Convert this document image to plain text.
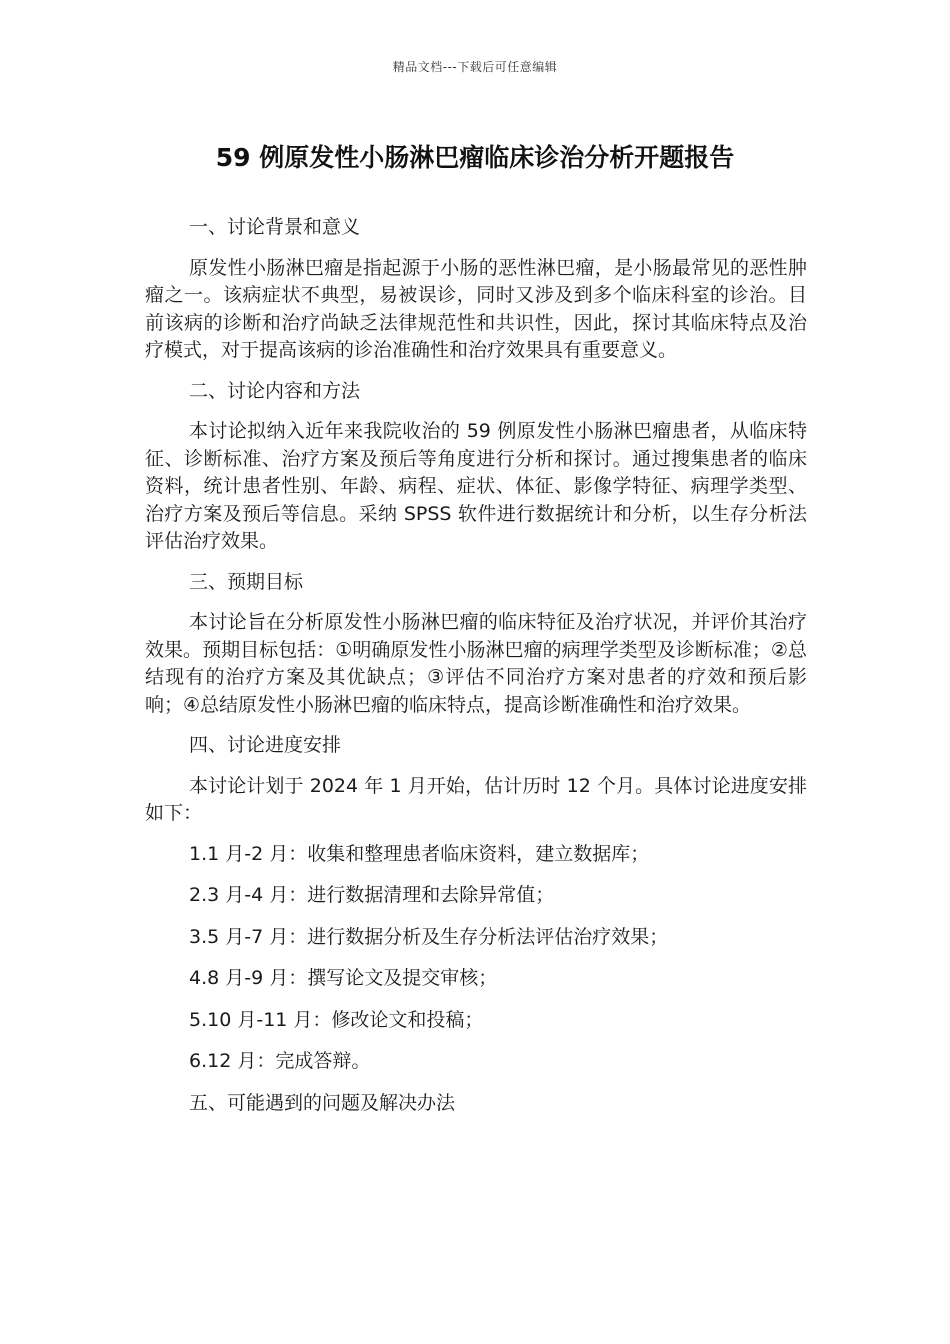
精品文档---下载后可任意编辑
59 例原发性小肠淋巴瘤临床诊治分析开题报告
一、讨论背景和意义

原发性小肠淋巴瘤是指起源于小肠的恶性淋巴瘤，是小肠最常见的恶性肿瘤之一。该病症状不典型，易被误诊，同时又涉及到多个临床科室的诊治。目前该病的诊断和治疗尚缺乏法律规范性和共识性，因此，探讨其临床特点及治疗模式，对于提高该病的诊治准确性和治疗效果具有重要意义。

二、讨论内容和方法

本讨论拟纳入近年来我院收治的 59 例原发性小肠淋巴瘤患者，从临床特征、诊断标准、治疗方案及预后等角度进行分析和探讨。通过搜集患者的临床资料，统计患者性别、年龄、病程、症状、体征、影像学特征、病理学类型、治疗方案及预后等信息。采纳 SPSS 软件进行数据统计和分析，以生存分析法评估治疗效果。

三、预期目标

本讨论旨在分析原发性小肠淋巴瘤的临床特征及治疗状况，并评价其治疗效果。预期目标包括：①明确原发性小肠淋巴瘤的病理学类型及诊断标准；②总结现有的治疗方案及其优缺点；③评估不同治疗方案对患者的疗效和预后影响；④总结原发性小肠淋巴瘤的临床特点，提高诊断准确性和治疗效果。

四、讨论进度安排

本讨论计划于 2024 年 1 月开始，估计历时 12 个月。具体讨论进度安排如下：

1.1 月-2 月：收集和整理患者临床资料，建立数据库；
2.3 月-4 月：进行数据清理和去除异常值；
3.5 月-7 月：进行数据分析及生存分析法评估治疗效果；
4.8 月-9 月：撰写论文及提交审核；
5.10 月-11 月：修改论文和投稿；
6.12 月：完成答辩。
五、可能遇到的问题及解决办法
